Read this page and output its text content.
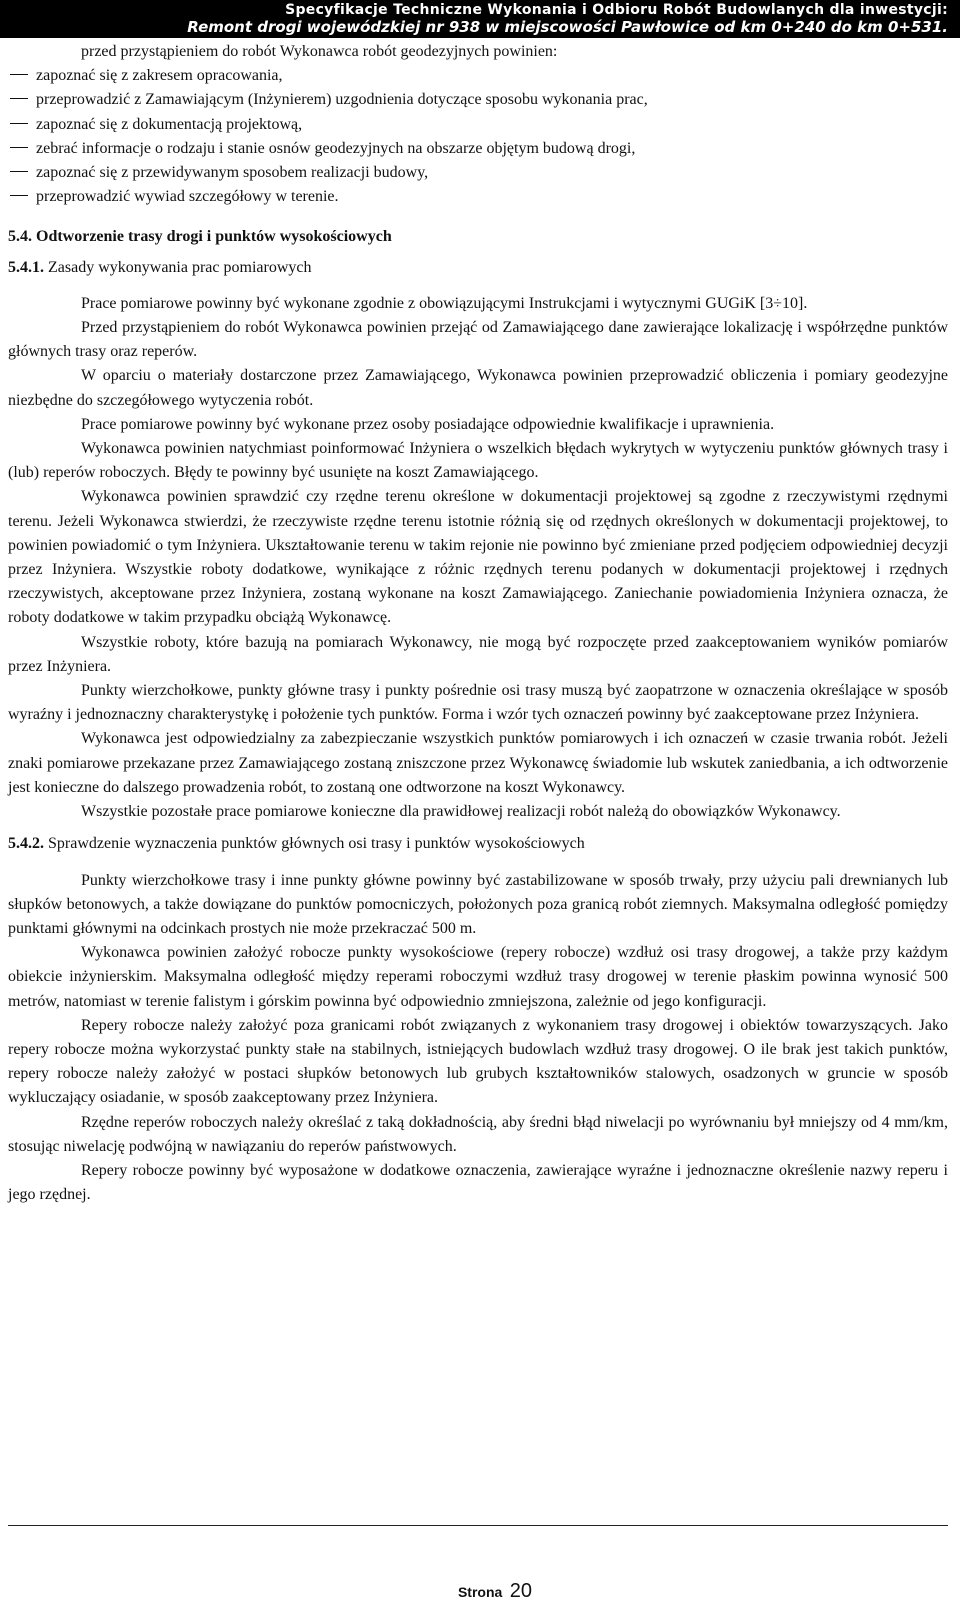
Specyfikacje Techniczne Wykonania i Odbioru Robót Budowlanych dla inwestycji:
Remont drogi wojewódzkiej nr 938 w miejscowości Pawłowice od km 0+240 do km 0+531.

przed przystąpieniem do robót Wykonawca robót geodezyjnych powinien:

zapoznać się z zakresem opracowania,
przeprowadzić z Zamawiającym (Inżynierem) uzgodnienia dotyczące sposobu wykonania prac,
zapoznać się z dokumentacją projektową,
zebrać informacje o rodzaju i stanie osnów geodezyjnych na obszarze objętym budową drogi,
zapoznać się z przewidywanym sposobem realizacji budowy,
przeprowadzić wywiad szczegółowy w terenie.

5.4. Odtworzenie trasy drogi i punktów wysokościowych

5.4.1. Zasady wykonywania prac pomiarowych

Prace pomiarowe powinny być wykonane zgodnie z obowiązującymi Instrukcjami i wytycznymi GUGiK [3÷10].

Przed przystąpieniem do robót Wykonawca powinien przejąć od Zamawiającego dane zawierające lokalizację i współrzędne punktów głównych trasy oraz reperów.

W oparciu o materiały dostarczone przez Zamawiającego, Wykonawca powinien przeprowadzić obliczenia i pomiary geodezyjne niezbędne do szczegółowego wytyczenia robót.

Prace pomiarowe powinny być wykonane przez osoby posiadające odpowiednie kwalifikacje i uprawnienia.

Wykonawca powinien natychmiast poinformować Inżyniera o wszelkich błędach wykrytych w wytyczeniu punktów głównych trasy i (lub) reperów roboczych. Błędy te powinny być usunięte na koszt Zamawiającego.

Wykonawca powinien sprawdzić czy rzędne terenu określone w dokumentacji projektowej są zgodne z rzeczywistymi rzędnymi terenu. Jeżeli Wykonawca stwierdzi, że rzeczywiste rzędne terenu istotnie różnią się od rzędnych określonych w dokumentacji projektowej, to powinien powiadomić o tym Inżyniera. Ukształtowanie terenu w takim rejonie nie powinno być zmieniane przed podjęciem odpowiedniej decyzji przez Inżyniera. Wszystkie roboty dodatkowe, wynikające z różnic rzędnych terenu podanych w dokumentacji projektowej i rzędnych rzeczywistych, akceptowane przez Inżyniera, zostaną wykonane na koszt Zamawiającego. Zaniechanie powiadomienia Inżyniera oznacza, że roboty dodatkowe w takim przypadku obciążą Wykonawcę.

Wszystkie roboty, które bazują na pomiarach Wykonawcy, nie mogą być rozpoczęte przed zaakceptowaniem wyników pomiarów przez Inżyniera.

Punkty wierzchołkowe, punkty główne trasy i punkty pośrednie osi trasy muszą być zaopatrzone w oznaczenia określające w sposób wyraźny i jednoznaczny charakterystykę i położenie tych punktów. Forma i wzór tych oznaczeń powinny być zaakceptowane przez Inżyniera.

Wykonawca jest odpowiedzialny za zabezpieczanie wszystkich punktów pomiarowych i ich oznaczeń w czasie trwania robót. Jeżeli znaki pomiarowe przekazane przez Zamawiającego zostaną zniszczone przez Wykonawcę świadomie lub wskutek zaniedbania, a ich odtworzenie jest konieczne do dalszego prowadzenia robót, to zostaną one odtworzone na koszt Wykonawcy.

Wszystkie pozostałe prace pomiarowe konieczne dla prawidłowej realizacji robót należą do obowiązków Wykonawcy.

5.4.2. Sprawdzenie wyznaczenia punktów głównych osi trasy i punktów wysokościowych

Punkty wierzchołkowe trasy i inne punkty główne powinny być zastabilizowane w sposób trwały, przy użyciu pali drewnianych lub słupków betonowych, a także dowiązane do punktów pomocniczych, położonych poza granicą robót ziemnych. Maksymalna odległość pomiędzy punktami głównymi na odcinkach prostych nie może przekraczać 500 m.

Wykonawca powinien założyć robocze punkty wysokościowe (repery robocze) wzdłuż osi trasy drogowej, a także przy każdym obiekcie inżynierskim. Maksymalna odległość między reperami roboczymi wzdłuż trasy drogowej w terenie płaskim powinna wynosić 500 metrów, natomiast w terenie falistym i górskim powinna być odpowiednio zmniejszona, zależnie od jego konfiguracji.

Repery robocze należy założyć poza granicami robót związanych z wykonaniem trasy drogowej i obiektów towarzyszących. Jako repery robocze można wykorzystać punkty stałe na stabilnych, istniejących budowlach wzdłuż trasy drogowej. O ile brak jest takich punktów, repery robocze należy założyć w postaci słupków betonowych lub grubych kształtowników stalowych, osadzonych w gruncie w sposób wykluczający osiadanie, w sposób zaakceptowany przez Inżyniera.

Rzędne reperów roboczych należy określać z taką dokładnością, aby średni błąd niwelacji po wyrównaniu był mniejszy od 4 mm/km, stosując niwelację podwójną w nawiązaniu do reperów państwowych.

Repery robocze powinny być wyposażone w dodatkowe oznaczenia, zawierające wyraźne i jednoznaczne określenie nazwy reperu i jego rzędnej.

Strona 20
